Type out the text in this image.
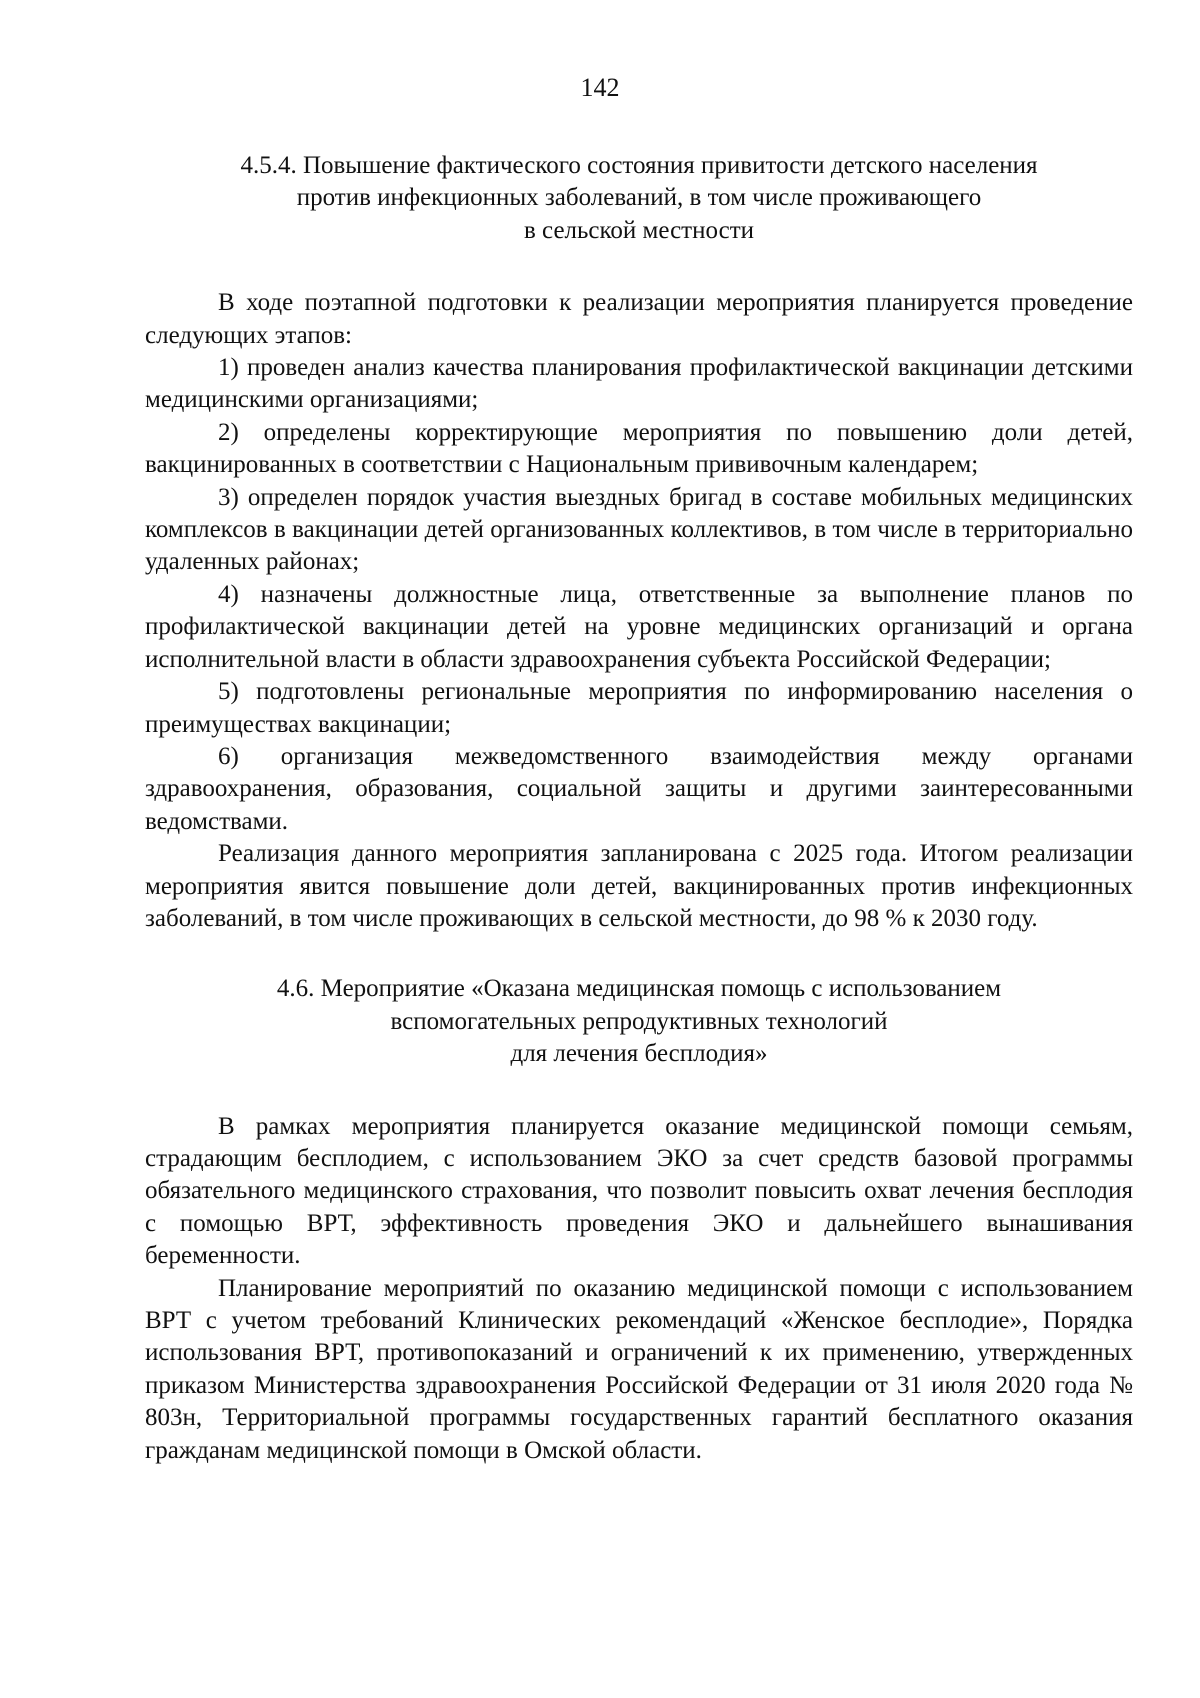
142
4.5.4. Повышение фактического состояния привитости детского населения
против инфекционных заболеваний, в том числе проживающего
в сельской местности

В ходе поэтапной подготовки к реализации мероприятия планируется проведение следующих этапов:

1) проведен анализ качества планирования профилактической вакцинации детскими медицинскими организациями;

2) определены корректирующие мероприятия по повышению доли детей, вакцинированных в соответствии с Национальным прививочным календарем;

3) определен порядок участия выездных бригад в составе мобильных медицинских комплексов в вакцинации детей организованных коллективов, в том числе в территориально удаленных районах;

4) назначены должностные лица, ответственные за выполнение планов по профилактической вакцинации детей на уровне медицинских организаций и органа исполнительной власти в области здравоохранения субъекта Российской Федерации;

5) подготовлены региональные мероприятия по информированию населения о преимуществах вакцинации;

6) организация межведомственного взаимодействия между органами здравоохранения, образования, социальной защиты и другими заинтересованными ведомствами.

Реализация данного мероприятия запланирована с 2025 года. Итогом реализации мероприятия явится повышение доли детей, вакцинированных против инфекционных заболеваний, в том числе проживающих в сельской местности, до 98 % к 2030 году.

4.6. Мероприятие «Оказана медицинская помощь с использованием
вспомогательных репродуктивных технологий
для лечения бесплодия»

В рамках мероприятия планируется оказание медицинской помощи семьям, страдающим бесплодием, с использованием ЭКО за счет средств базовой программы обязательного медицинского страхования, что позволит повысить охват лечения бесплодия с помощью ВРТ, эффективность проведения ЭКО и дальнейшего вынашивания беременности.

Планирование мероприятий по оказанию медицинской помощи с использованием ВРТ с учетом требований Клинических рекомендаций «Женское бесплодие», Порядка использования ВРТ, противопоказаний и ограничений к их применению, утвержденных приказом Министерства здравоохранения Российской Федерации от 31 июля 2020 года № 803н, Территориальной программы государственных гарантий бесплатного оказания гражданам медицинской помощи в Омской области.
